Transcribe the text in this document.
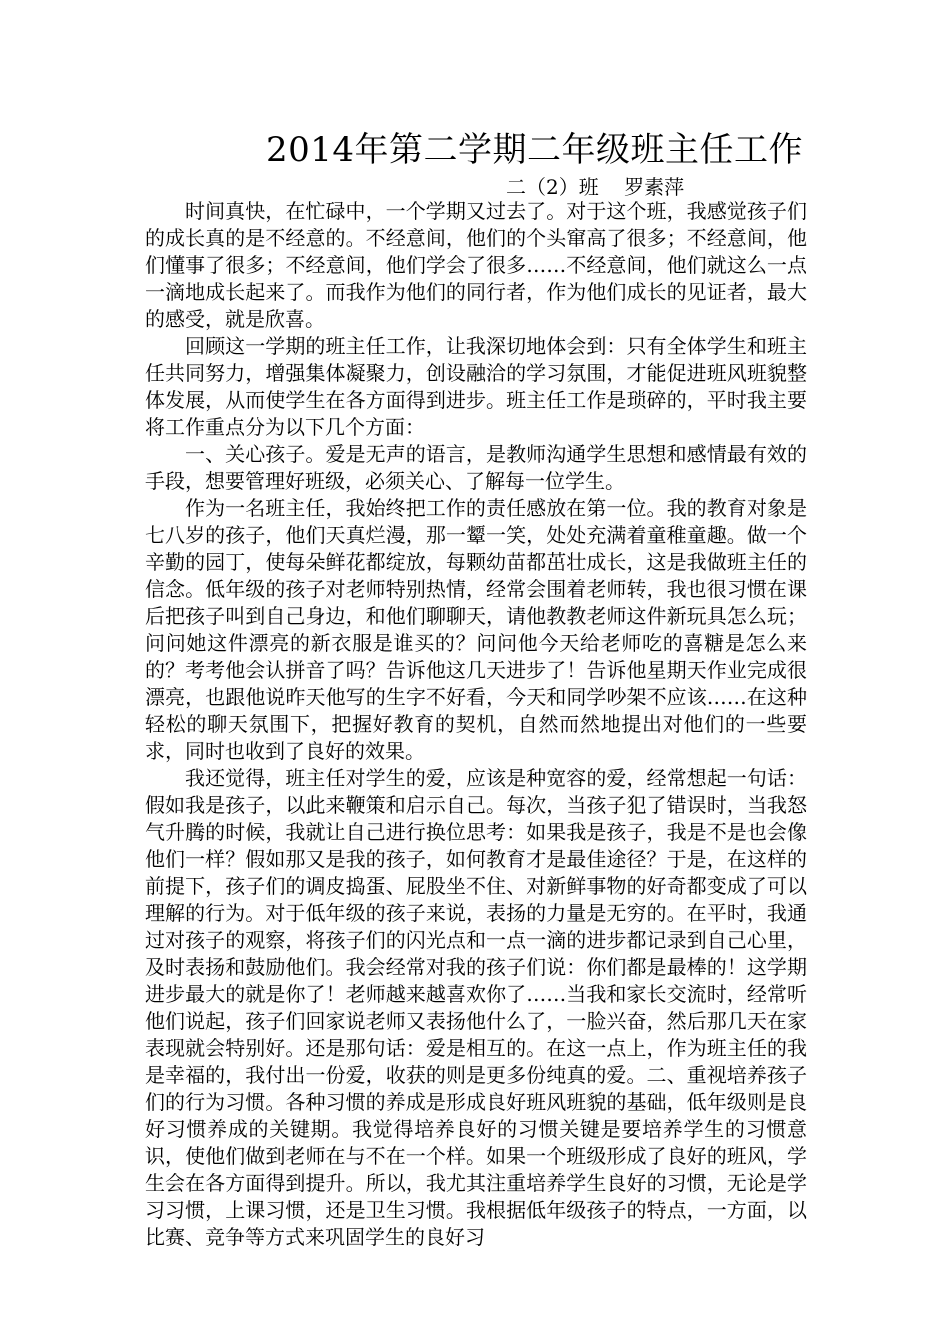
2014年第二学期二年级班主任工作
二（2）班    罗素萍

时间真快，在忙碌中，一个学期又过去了。对于这个班，我感觉孩子们的成长真的是不经意的。不经意间，他们的个头窜高了很多；不经意间，他们懂事了很多；不经意间，他们学会了很多……不经意间，他们就这么一点一滴地成长起来了。而我作为他们的同行者，作为他们成长的见证者，最大的感受，就是欣喜。

回顾这一学期的班主任工作，让我深切地体会到：只有全体学生和班主任共同努力，增强集体凝聚力，创设融洽的学习氛围，才能促进班风班貌整体发展，从而使学生在各方面得到进步。班主任工作是琐碎的，平时我主要将工作重点分为以下几个方面：

一、关心孩子。爱是无声的语言，是教师沟通学生思想和感情最有效的手段，想要管理好班级，必须关心、了解每一位学生。

作为一名班主任，我始终把工作的责任感放在第一位。我的教育对象是七八岁的孩子，他们天真烂漫，那一颦一笑，处处充满着童稚童趣。做一个辛勤的园丁，使每朵鲜花都绽放，每颗幼苗都茁壮成长，这是我做班主任的信念。低年级的孩子对老师特别热情，经常会围着老师转，我也很习惯在课后把孩子叫到自己身边，和他们聊聊天，请他教教老师这件新玩具怎么玩；问问她这件漂亮的新衣服是谁买的？问问他今天给老师吃的喜糖是怎么来的？考考他会认拼音了吗？告诉他这几天进步了！告诉他星期天作业完成很漂亮，也跟他说昨天他写的生字不好看，今天和同学吵架不应该……在这种轻松的聊天氛围下，把握好教育的契机，自然而然地提出对他们的一些要求，同时也收到了良好的效果。

我还觉得，班主任对学生的爱，应该是种宽容的爱，经常想起一句话：假如我是孩子，以此来鞭策和启示自己。每次，当孩子犯了错误时，当我怒气升腾的时候，我就让自己进行换位思考：如果我是孩子，我是不是也会像他们一样？假如那又是我的孩子，如何教育才是最佳途径？于是，在这样的前提下，孩子们的调皮捣蛋、屁股坐不住、对新鲜事物的好奇都变成了可以理解的行为。对于低年级的孩子来说，表扬的力量是无穷的。在平时，我通过对孩子的观察，将孩子们的闪光点和一点一滴的进步都记录到自己心里，及时表扬和鼓励他们。我会经常对我的孩子们说：你们都是最棒的！这学期进步最大的就是你了！老师越来越喜欢你了……当我和家长交流时，经常听他们说起，孩子们回家说老师又表扬他什么了，一脸兴奋，然后那几天在家表现就会特别好。还是那句话：爱是相互的。在这一点上，作为班主任的我是幸福的，我付出一份爱，收获的则是更多份纯真的爱。二、重视培养孩子们的行为习惯。各种习惯的养成是形成良好班风班貌的基础，低年级则是良好习惯养成的关键期。我觉得培养良好的习惯关键是要培养学生的习惯意识，使他们做到老师在与不在一个样。如果一个班级形成了良好的班风，学生会在各方面得到提升。所以，我尤其注重培养学生良好的习惯，无论是学习习惯，上课习惯，还是卫生习惯。我根据低年级孩子的特点，一方面，以比赛、竞争等方式来巩固学生的良好习
